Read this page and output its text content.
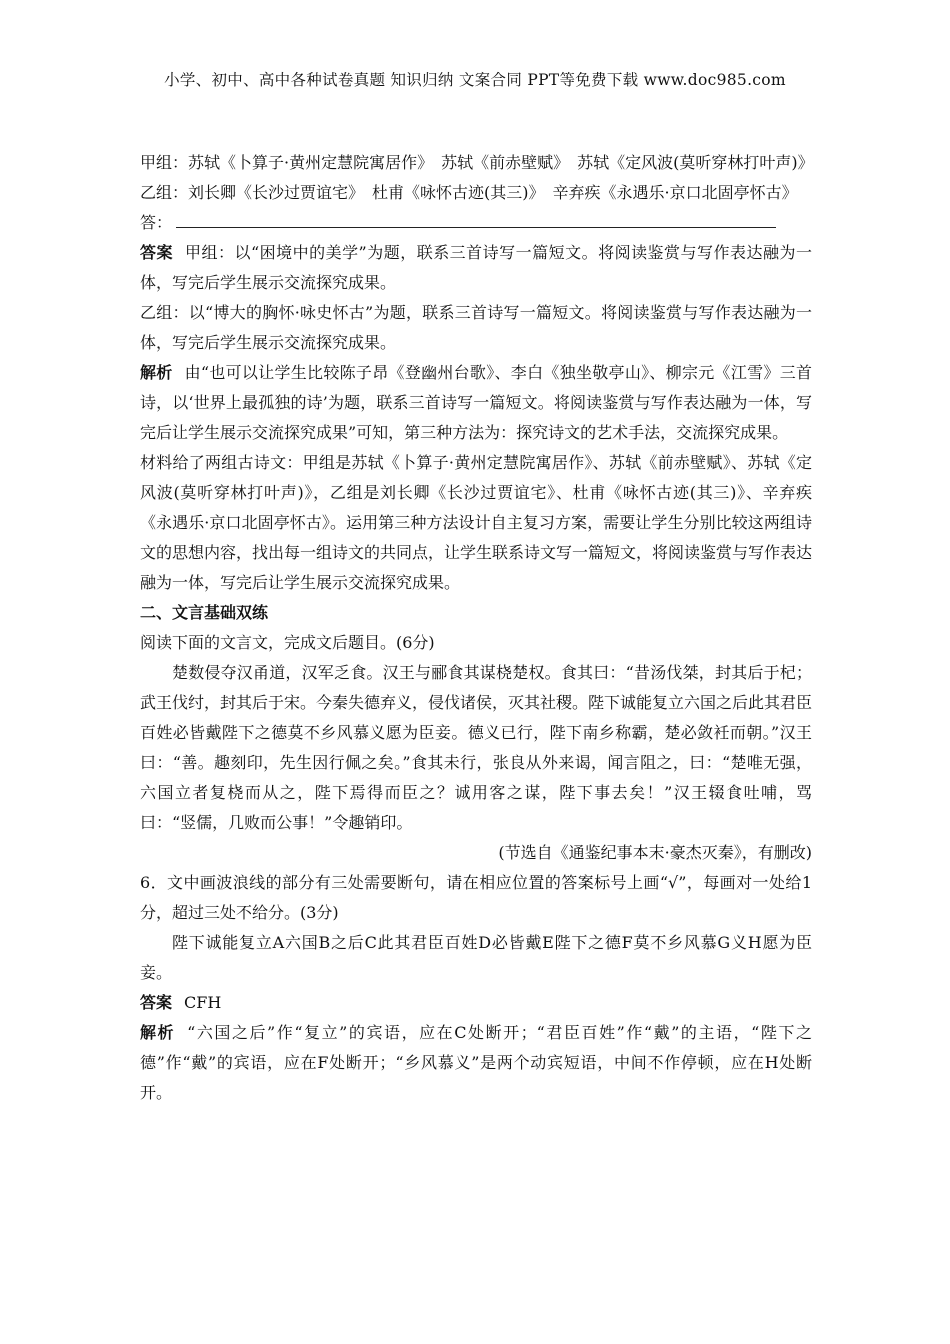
小学、初中、高中各种试卷真题 知识归纳 文案合同 PPT等免费下载 www.doc985.com

甲组：苏轼《卜算子·黄州定慧院寓居作》　苏轼《前赤壁赋》　苏轼《定风波(莫听穿林打叶声)》

乙组：刘长卿《长沙过贾谊宅》　杜甫《咏怀古迹(其三)》　辛弃疾《永遇乐·京口北固亭怀古》

答：

答案 甲组：以“困境中的美学”为题，联系三首诗写一篇短文。将阅读鉴赏与写作表达融为一体，写完后学生展示交流探究成果。

乙组：以“博大的胸怀·咏史怀古”为题，联系三首诗写一篇短文。将阅读鉴赏与写作表达融为一体，写完后学生展示交流探究成果。

解析 由“也可以让学生比较陈子昂《登幽州台歌》、李白《独坐敬亭山》、柳宗元《江雪》三首诗，以‘世界上最孤独的诗’为题，联系三首诗写一篇短文。将阅读鉴赏与写作表达融为一体，写完后让学生展示交流探究成果”可知，第三种方法为：探究诗文的艺术手法，交流探究成果。

材料给了两组古诗文：甲组是苏轼《卜算子·黄州定慧院寓居作》、苏轼《前赤壁赋》、苏轼《定风波(莫听穿林打叶声)》，乙组是刘长卿《长沙过贾谊宅》、杜甫《咏怀古迹(其三)》、辛弃疾《永遇乐·京口北固亭怀古》。运用第三种方法设计自主复习方案，需要让学生分别比较这两组诗文的思想内容，找出每一组诗文的共同点，让学生联系诗文写一篇短文，将阅读鉴赏与写作表达融为一体，写完后让学生展示交流探究成果。

二、文言基础双练

阅读下面的文言文，完成文后题目。(6分)

楚数侵夺汉甬道，汉军乏食。汉王与郦食其谋桡楚权。食其曰：“昔汤伐桀，封其后于杞；武王伐纣，封其后于宋。今秦失德弃义，侵伐诸侯，灭其社稷。陛下诚能复立六国之后此其君臣百姓必皆戴陛下之德莫不乡风慕义愿为臣妾。德义已行，陛下南乡称霸，楚必敛衽而朝。”汉王曰：“善。趣刻印，先生因行佩之矣。”食其未行，张良从外来谒，闻言阻之，曰：“楚唯无强，六国立者复桡而从之，陛下焉得而臣之？诚用客之谋，陛下事去矣！”汉王辍食吐哺，骂曰：“竖儒，几败而公事！”令趣销印。

(节选自《通鉴纪事本末·豪杰灭秦》，有删改)

6．文中画波浪线的部分有三处需要断句，请在相应位置的答案标号上画“√”，每画对一处给1分，超过三处不给分。(3分)

陛下诚能复立A六国B之后C此其君臣百姓D必皆戴E陛下之德F莫不乡风慕G义H愿为臣妾。

答案 CFH

解析 “六国之后”作“复立”的宾语，应在C处断开；“君臣百姓”作“戴”的主语，“陛下之德”作“戴”的宾语，应在F处断开；“乡风慕义”是两个动宾短语，中间不作停顿，应在H处断开。
